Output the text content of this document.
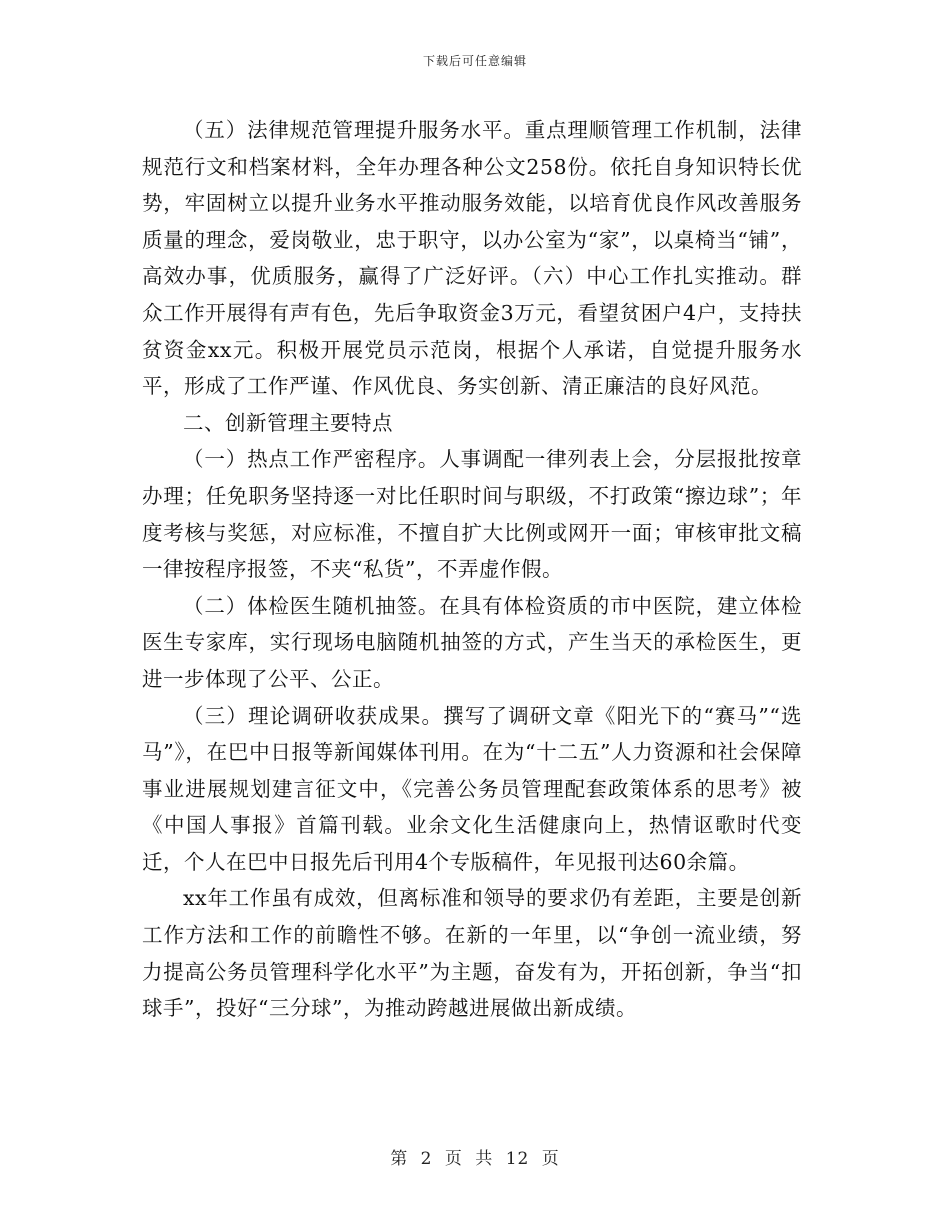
下载后可任意编辑

（五）法律规范管理提升服务水平。重点理顺管理工作机制，法律规范行文和档案材料，全年办理各种公文258份。依托自身知识特长优势，牢固树立以提升业务水平推动服务效能，以培育优良作风改善服务质量的理念，爱岗敬业，忠于职守，以办公室为“家”，以桌椅当“铺”， 高效办事，优质服务，赢得了广泛好评。（六）中心工作扎实推动。群众工作开展得有声有色，先后争取资金3万元，看望贫困户4户，支持扶贫资金xx元。积极开展党员示范岗，根据个人承诺，自觉提升服务水平，形成了工作严谨、作风优良、务实创新、清正廉洁的良好风范。

二、创新管理主要特点

（一）热点工作严密程序。人事调配一律列表上会，分层报批按章办理；任免职务坚持逐一对比任职时间与职级，不打政策“擦边球”；年度考核与奖惩，对应标准，不擅自扩大比例或网开一面；审核审批文稿一律按程序报签，不夹“私货”，不弄虚作假。

（二）体检医生随机抽签。在具有体检资质的市中医院，建立体检医生专家库，实行现场电脑随机抽签的方式，产生当天的承检医生，更进一步体现了公平、公正。

（三）理论调研收获成果。撰写了调研文章《阳光下的“赛马”“选马”》，在巴中日报等新闻媒体刊用。在为“十二五”人力资源和社会保障事业进展规划建言征文中，《完善公务员管理配套政策体系的思考》被《中国人事报》首篇刊载。业余文化生活健康向上，热情讴歌时代变迁，个人在巴中日报先后刊用4个专版稿件，年见报刊达60余篇。

xx年工作虽有成效，但离标准和领导的要求仍有差距，主要是创新工作方法和工作的前瞻性不够。在新的一年里，以“争创一流业绩，努力提高公务员管理科学化水平”为主题，奋发有为，开拓创新，争当“扣球手”，投好“三分球”，为推动跨越进展做出新成绩。

第 2 页 共 12 页
